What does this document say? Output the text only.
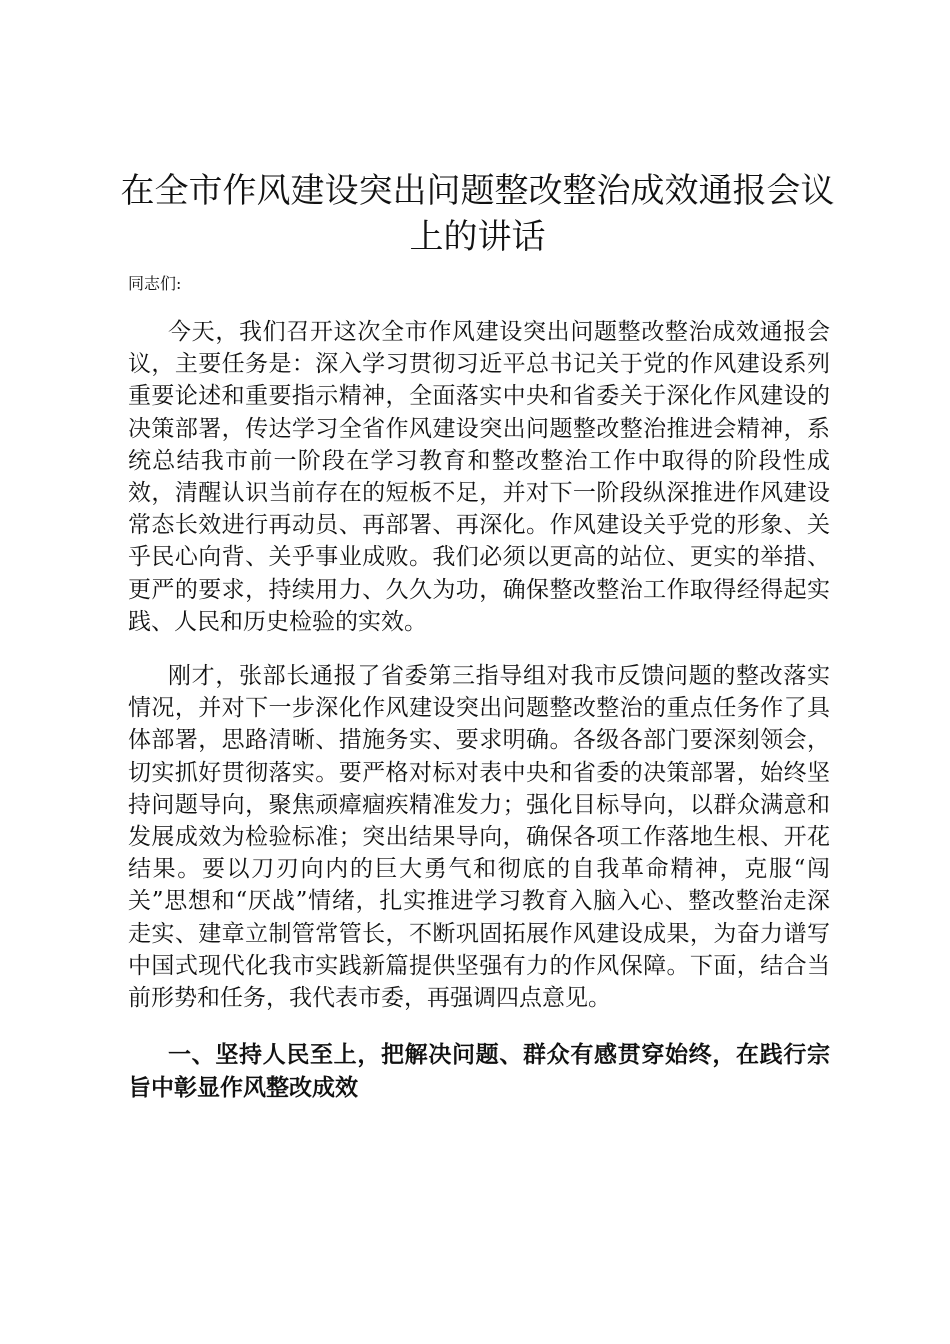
在全市作风建设突出问题整改整治成效通报会议上的讲话

同志们:

今天，我们召开这次全市作风建设突出问题整改整治成效通报会议，主要任务是：深入学习贯彻习近平总书记关于党的作风建设系列重要论述和重要指示精神，全面落实中央和省委关于深化作风建设的决策部署，传达学习全省作风建设突出问题整改整治推进会精神，系统总结我市前一阶段在学习教育和整改整治工作中取得的阶段性成效，清醒认识当前存在的短板不足，并对下一阶段纵深推进作风建设常态长效进行再动员、再部署、再深化。作风建设关乎党的形象、关乎民心向背、关乎事业成败。我们必须以更高的站位、更实的举措、更严的要求，持续用力、久久为功，确保整改整治工作取得经得起实践、人民和历史检验的实效。

刚才，张部长通报了省委第三指导组对我市反馈问题的整改落实情况，并对下一步深化作风建设突出问题整改整治的重点任务作了具体部署，思路清晰、措施务实、要求明确。各级各部门要深刻领会，切实抓好贯彻落实。要严格对标对表中央和省委的决策部署，始终坚持问题导向，聚焦顽瘴痼疾精准发力；强化目标导向，以群众满意和发展成效为检验标准；突出结果导向，确保各项工作落地生根、开花结果。要以刀刃向内的巨大勇气和彻底的自我革命精神，克服“闯关”思想和“厌战”情绪，扎实推进学习教育入脑入心、整改整治走深走实、建章立制管常管长，不断巩固拓展作风建设成果，为奋力谱写中国式现代化我市实践新篇提供坚强有力的作风保障。下面，结合当前形势和任务，我代表市委，再强调四点意见。

一、坚持人民至上，把解决问题、群众有感贯穿始终，在践行宗旨中彰显作风整改成效
